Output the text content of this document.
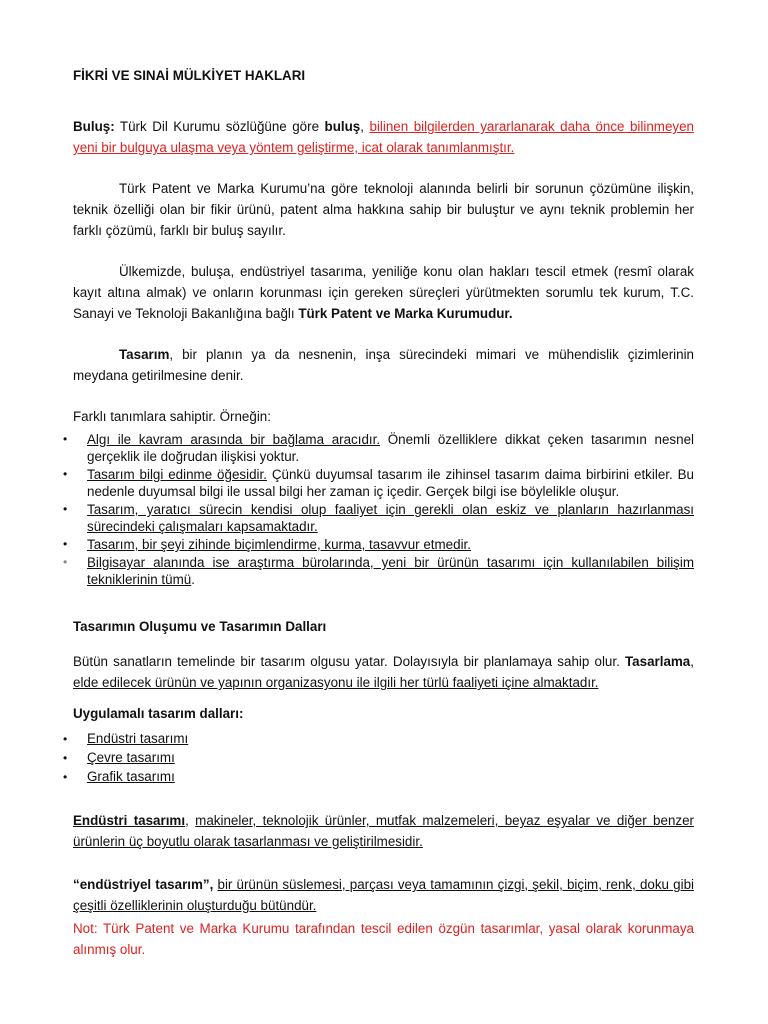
FİKRİ VE SINAİ MÜLKİYET HAKLARI

Buluş: Türk Dil Kurumu sözlüğüne göre buluş, bilinen bilgilerden yararlanarak daha önce bilinmeyen yeni bir bulguya ulaşma veya yöntem geliştirme, icat olarak tanımlanmıştır.

Türk Patent ve Marka Kurumu’na göre teknoloji alanında belirli bir sorunun çözümüne ilişkin, teknik özelliği olan bir fikir ürünü, patent alma hakkına sahip bir buluştur ve aynı teknik problemin her farklı çözümü, farklı bir buluş sayılır.

Ülkemizde, buluşa, endüstriyel tasarıma, yeniliğe konu olan hakları tescil etmek (resmî olarak kayıt altına almak) ve onların korunması için gereken süreçleri yürütmekten sorumlu tek kurum, T.C. Sanayi ve Teknoloji Bakanlığına bağlı Türk Patent ve Marka Kurumudur.

Tasarım, bir planın ya da nesnenin, inşa sürecindeki mimari ve mühendislik çizimlerinin meydana getirilmesine denir.

Farklı tanımlara sahiptir. Örneğin:

• Algı ile kavram arasında bir bağlama aracıdır. Önemli özelliklere dikkat çeken tasarımın nesnel gerçeklik ile doğrudan ilişkisi yoktur.
• Tasarım bilgi edinme öğesidir. Çünkü duyumsal tasarım ile zihinsel tasarım daima birbirini etkiler. Bu nedenle duyumsal bilgi ile ussal bilgi her zaman iç içedir. Gerçek bilgi ise böylelikle oluşur.
• Tasarım, yaratıcı sürecin kendisi olup faaliyet için gerekli olan eskiz ve planların hazırlanması sürecindeki çalışmaları kapsamaktadır.
• Tasarım, bir şeyi zihinde biçimlendirme, kurma, tasavvur etmedir.
• Bilgisayar alanında ise araştırma bürolarında, yeni bir ürünün tasarımı için kullanılabilen bilişim tekniklerinin tümü.

Tasarımın Oluşumu ve Tasarımın Dalları

Bütün sanatların temelinde bir tasarım olgusu yatar. Dolayısıyla bir planlamaya sahip olur. Tasarlama, elde edilecek ürünün ve yapının organizasyonu ile ilgili her türlü faaliyeti içine almaktadır.

Uygulamalı tasarım dalları:

• Endüstri tasarımı
• Çevre tasarımı
• Grafik tasarımı

Endüstri tasarımı, makineler, teknolojik ürünler, mutfak malzemeleri, beyaz eşyalar ve diğer benzer ürünlerin üç boyutlu olarak tasarlanması ve geliştirilmesidir.

“endüstriyel tasarım”, bir ürünün süslemesi, parçası veya tamamının çizgi, şekil, biçim, renk, doku gibi çeşitli özelliklerinin oluşturduğu bütündür.

Not: Türk Patent ve Marka Kurumu tarafından tescil edilen özgün tasarımlar, yasal olarak korunmaya alınmış olur.
